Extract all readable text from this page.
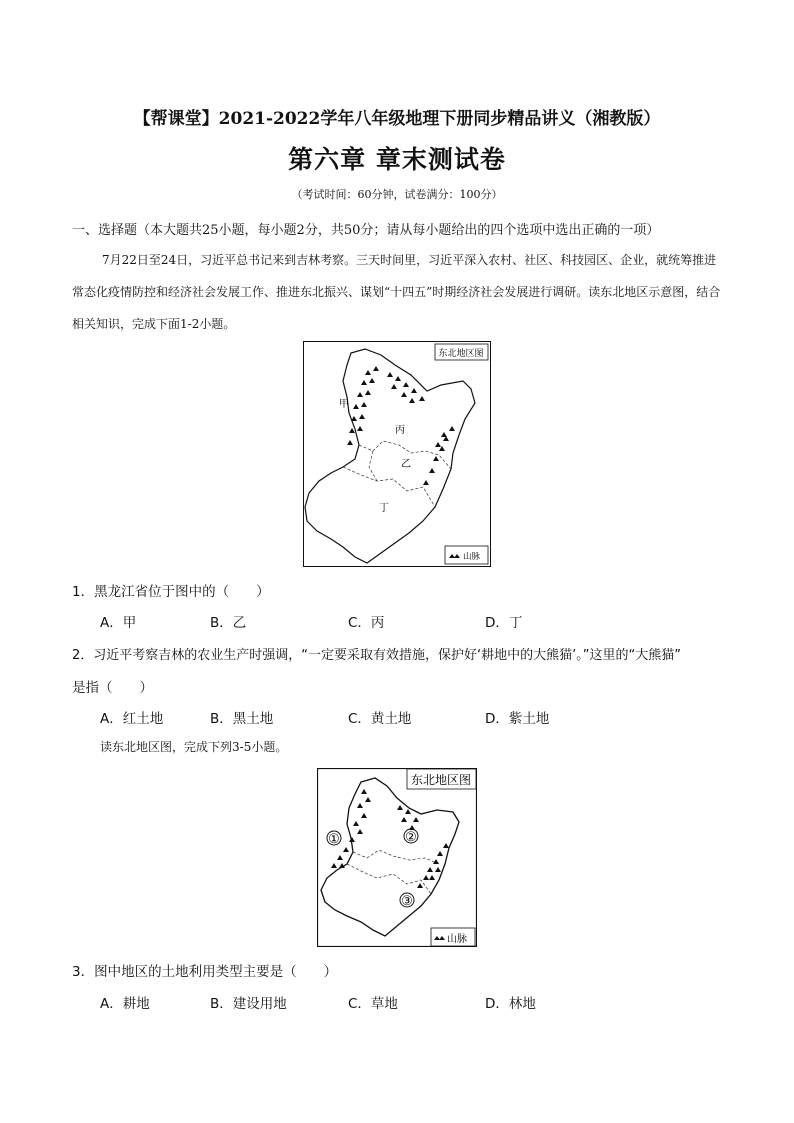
【帮课堂】2021-2022学年八年级地理下册同步精品讲义（湘教版）
第六章 章末测试卷
（考试时间：60分钟，试卷满分：100分）
一、选择题（本大题共25小题，每小题2分，共50分；请从每小题给出的四个选项中选出正确的一项）

7月22日至24日，习近平总书记来到吉林考察。三天时间里，习近平深入农村、社区、科技园区、企业，就统筹推进常态化疫情防控和经济社会发展工作、推进东北振兴、谋划“十四五”时期经济社会发展进行调研。读东北地区示意图，结合相关知识，完成下面1-2小题。

东北地区图
甲
丙
乙
丁
山脉
1．黑龙江省位于图中的（　　）
A．甲	B．乙	C．丙	D．丁
2．习近平考察吉林的农业生产时强调，“一定要采取有效措施，保护好‘耕地中的大熊猫’。”这里的“大熊猫”
是指（　　）
A．红土地	B．黑土地	C．黄土地	D．紫土地
读东北地区图，完成下列3-5小题。
东北地区图
①	②
③
山脉
3．图中地区的土地利用类型主要是（　　）
A．耕地	B．建设用地	C．草地	D．林地
